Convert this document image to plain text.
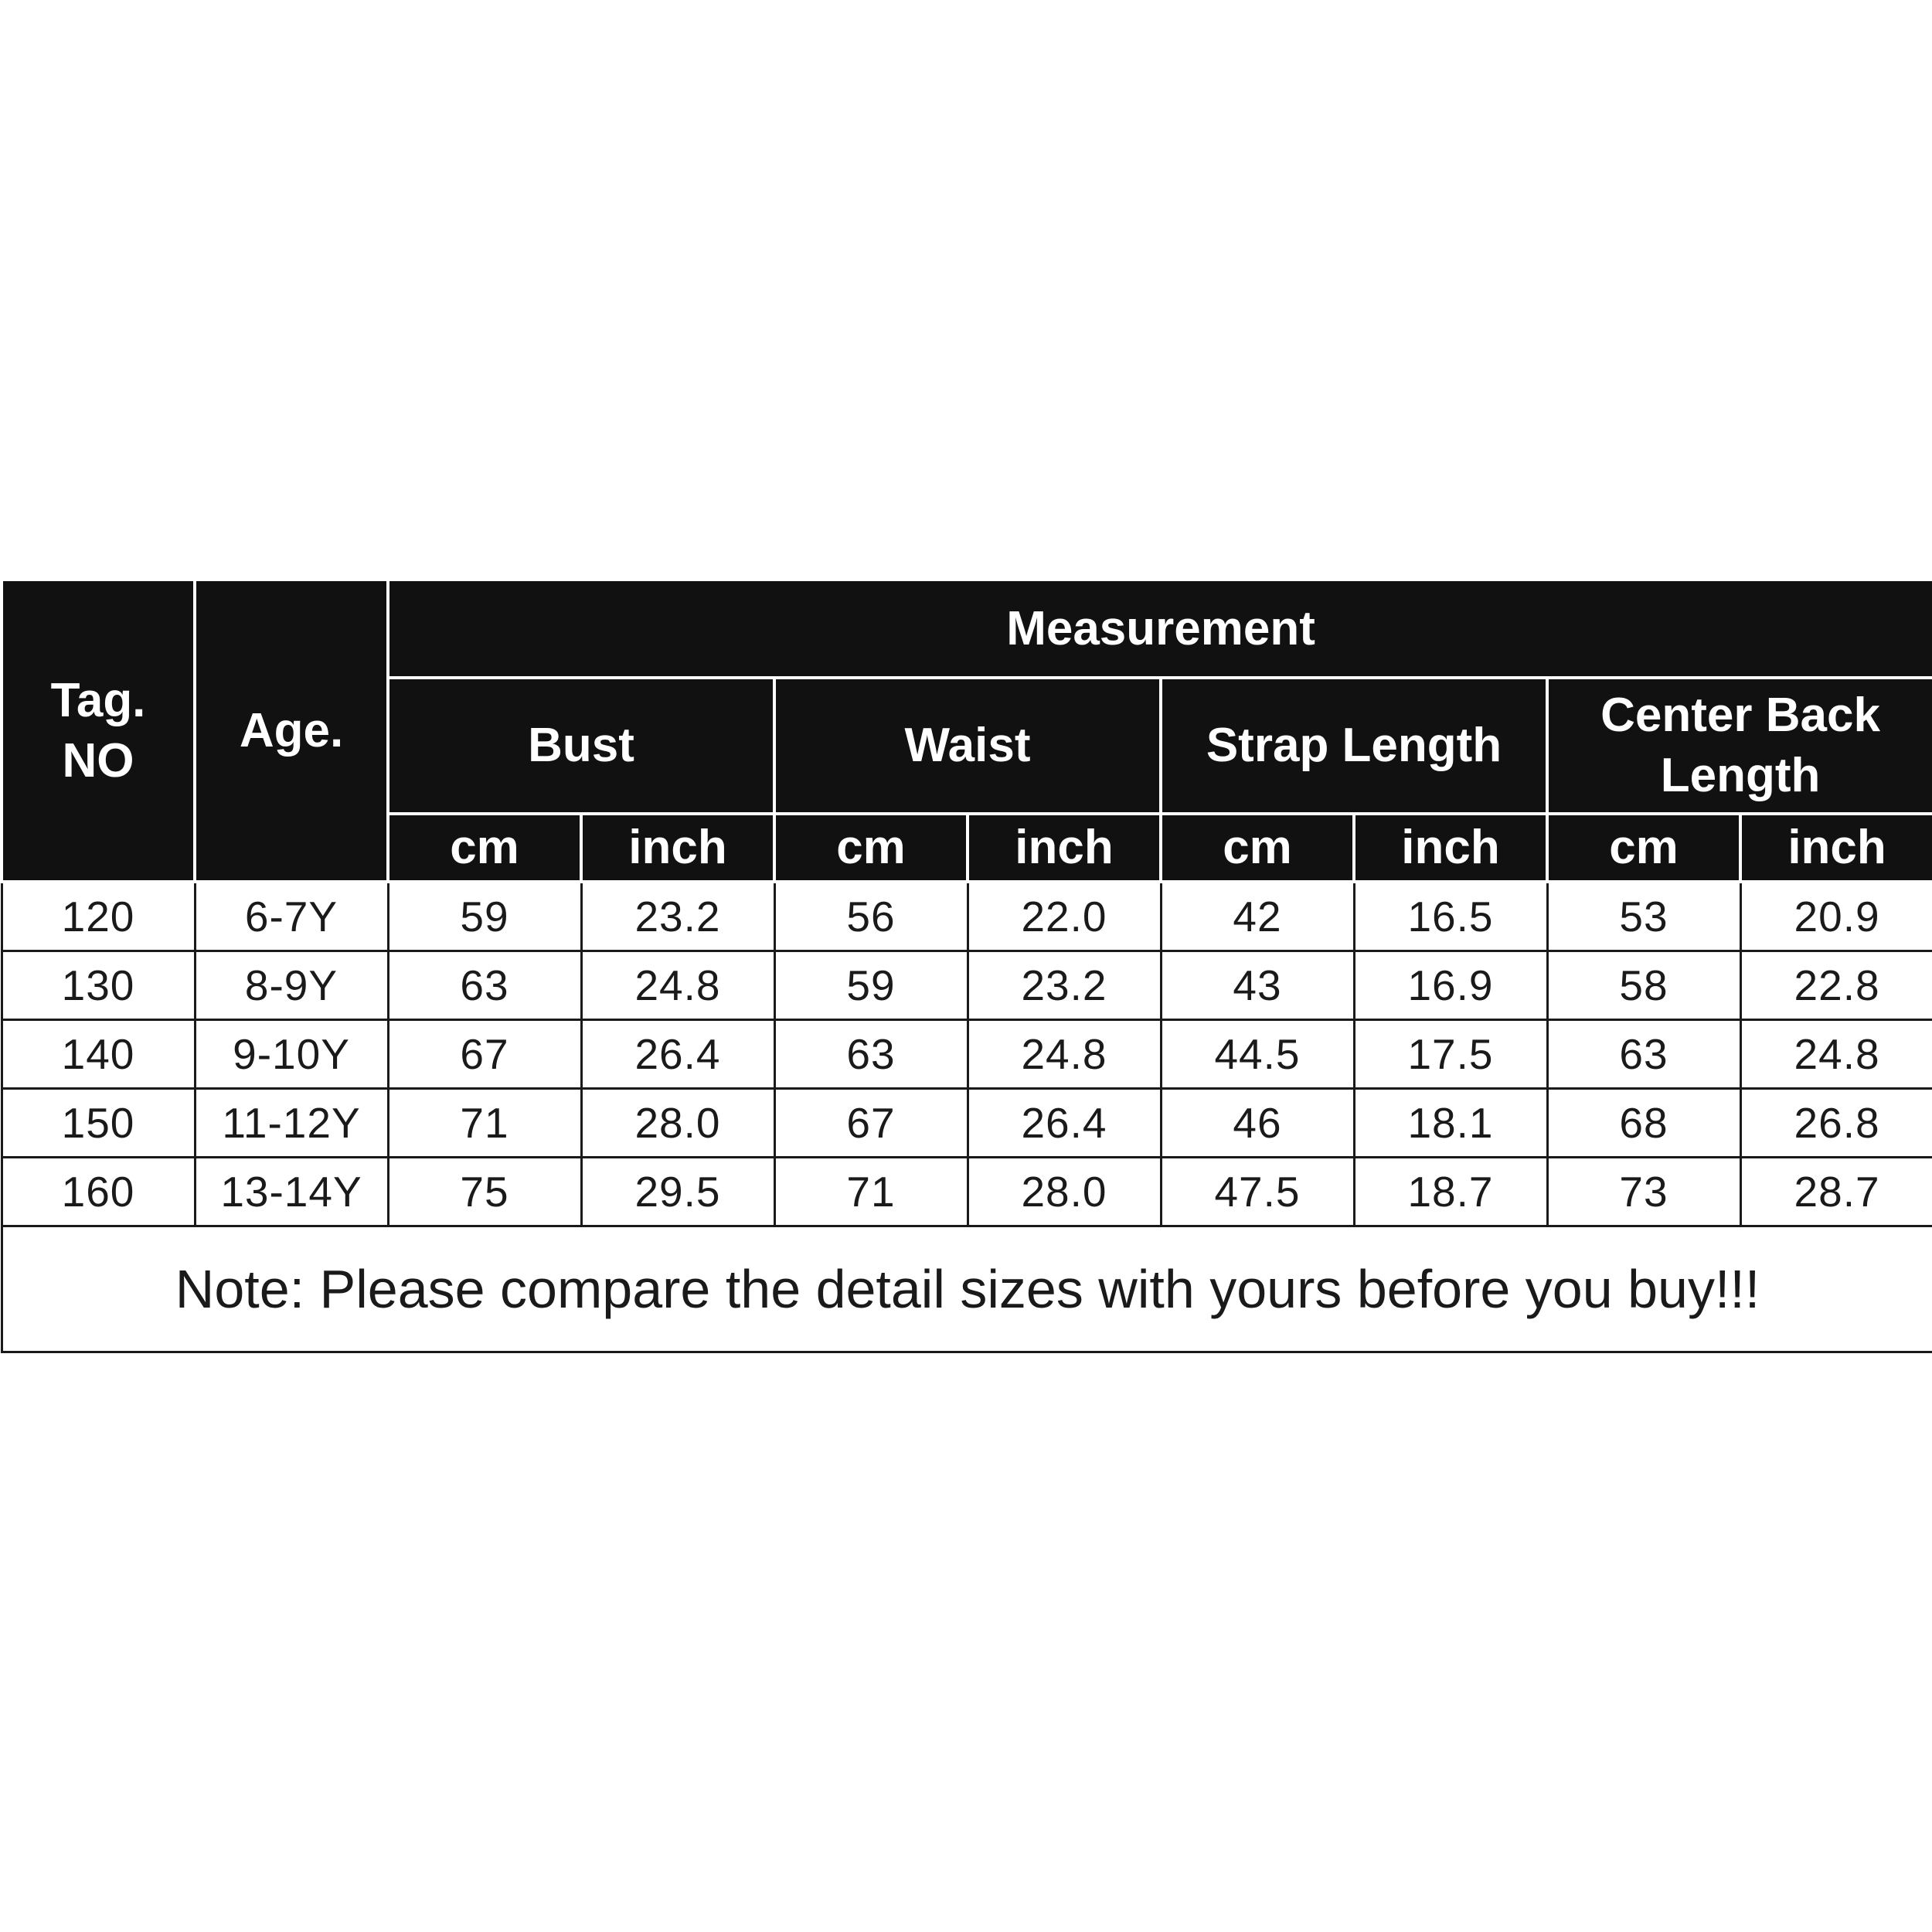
Tag.
NO	Age.	Measurement							
		Bust		Waist		Strap Length		Center Back
Length	

		cm	inch	cm	inch	cm	inch	cm	inch
120	6-7Y	59	23.2	56	22.0	42	16.5	53	20.9
130	8-9Y	63	24.8	59	23.2	43	16.9	58	22.8
140	9-10Y	67	26.4	63	24.8	44.5	17.5	63	24.8
150	11-12Y	71	28.0	67	26.4	46	18.1	68	26.8
160	13-14Y	75	29.5	71	28.0	47.5	18.7	73	28.7
Note: Please compare the detail sizes with yours before you buy!!!									
